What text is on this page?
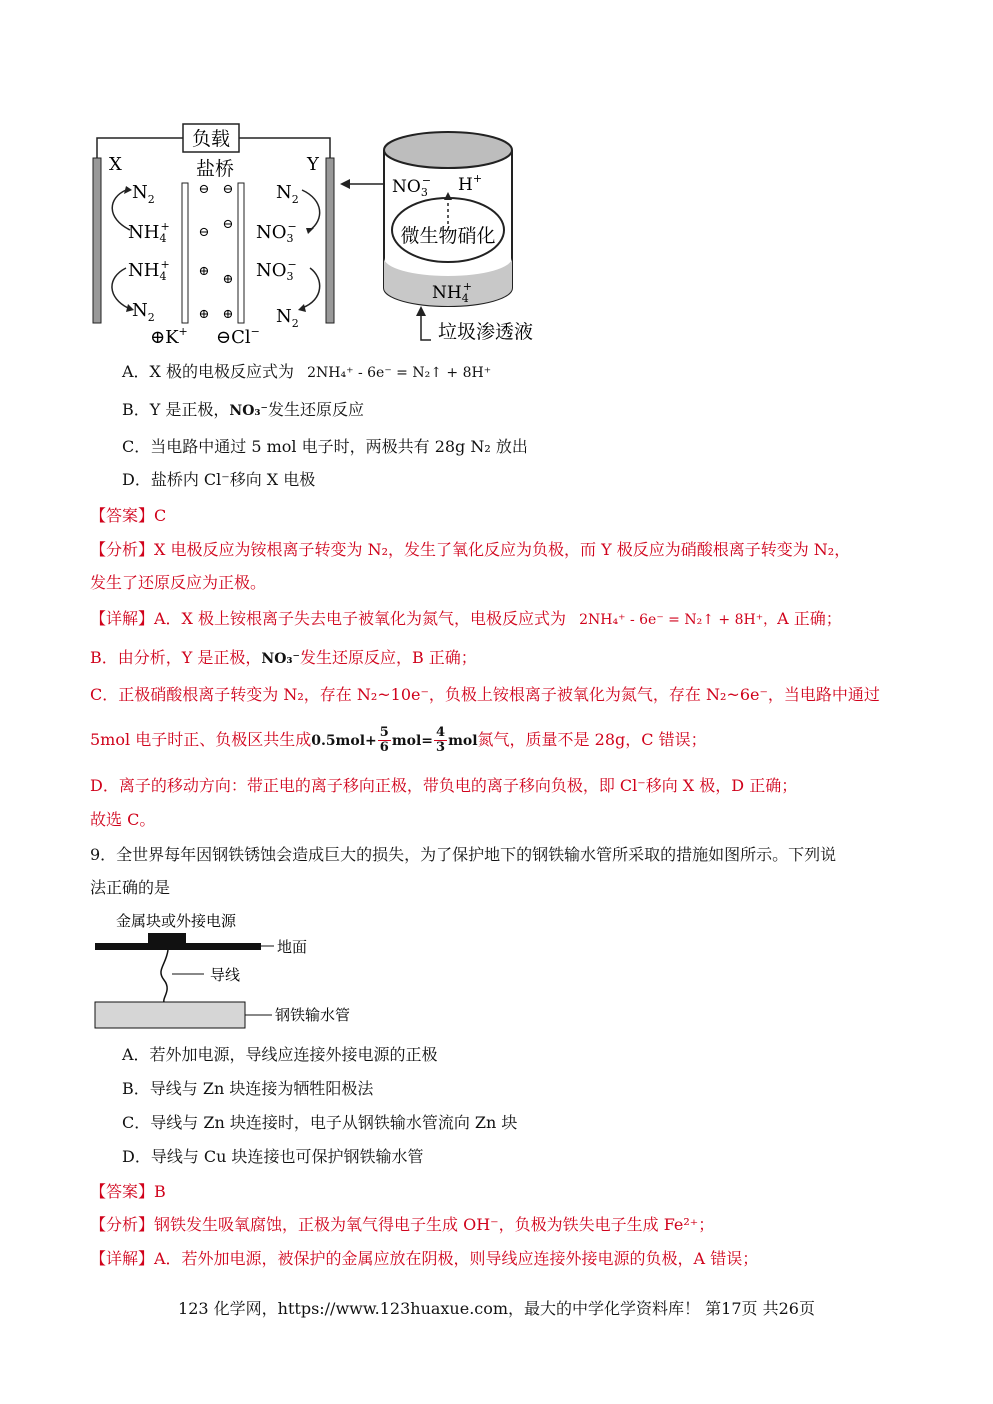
负载
X	Y
盐桥
⊖ ⊖
⊖
⊖
⊕
⊕
⊕ ⊕
$N_2$
$NH_4+$
$NH_4+$
$N_2$
$N_2$
$NO_3-$
$NO_3-$
$N_2$
⊕K+ ⊖Cl−
$NO_3- H^+$
微生物硝化
$NH_4+$
垃圾渗透液
A．X 极的电极反应式为 2NH₄⁺ - 6e⁻ = N₂↑ + 8H⁺
B．Y 是正极，NO₃⁻发生还原反应
C．当电路中通过 5 mol 电子时，两极共有 28g N₂ 放出
D．盐桥内 Cl⁻移向 X 电极
【答案】C
【分析】X 电极反应为铵根离子转变为 N₂，发生了氧化反应为负极，而 Y 极反应为硝酸根离子转变为 N₂，
发生了还原反应为正极。
【详解】A．X 极上铵根离子失去电子被氧化为氮气，电极反应式为 2NH₄⁺ - 6e⁻ = N₂↑ + 8H⁺，A 正确；
B．由分析，Y 是正极，NO₃⁻发生还原反应，B 正确；
C．正极硝酸根离子转变为 N₂，存在 N₂~10e⁻，负极上铵根离子被氧化为氮气，存在 N₂~6e⁻，当电路中通过
5mol 电子时正、负极区共生成$0.5mol+ \frac{5}{6} mol= \frac{4}{3}$ mol氮气，质量不是 28g，C 错误；
D．离子的移动方向：带正电的离子移向正极，带负电的离子移向负极，即 Cl⁻移向 X 极，D 正确；
故选 C。
9．全世界每年因钢铁锈蚀会造成巨大的损失，为了保护地下的钢铁输水管所采取的措施如图所示。下列说
法正确的是
金属块或外接电源
地面
导线
钢铁输水管
A．若外加电源，导线应连接外接电源的正极
B．导线与 Zn 块连接为牺牲阳极法
C．导线与 Zn 块连接时，电子从钢铁输水管流向 Zn 块
D．导线与 Cu 块连接也可保护钢铁输水管
【答案】B
【分析】钢铁发生吸氧腐蚀，正极为氧气得电子生成 OH⁻，负极为铁失电子生成 Fe²⁺；
【详解】A．若外加电源，被保护的金属应放在阴极，则导线应连接外接电源的负极，A 错误；
123 化学网，https://www.123huaxue.com，最大的中学化学资料库！ 第17页 共26页
